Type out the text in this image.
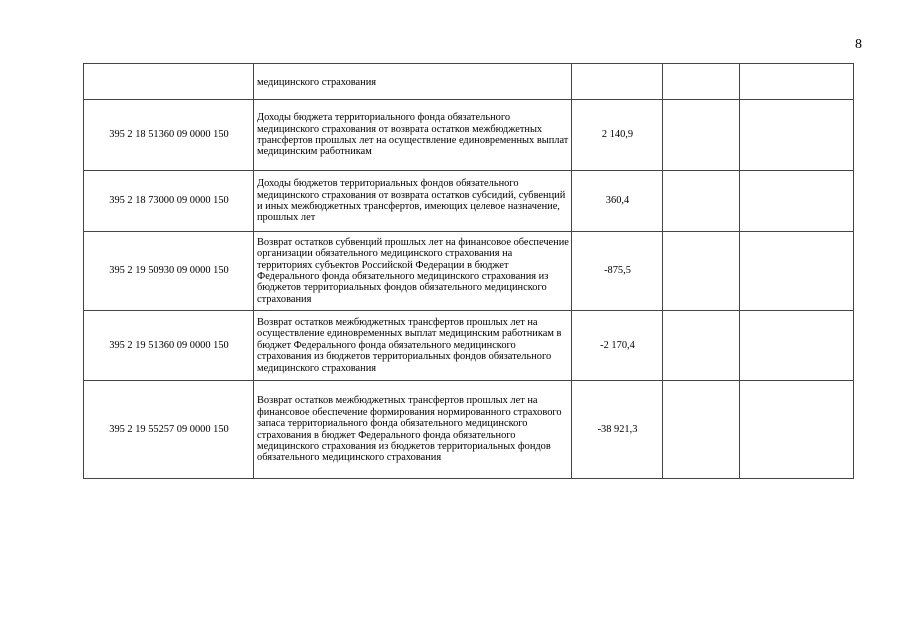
8
	медицинского страхования			
395 2 18 51360 09 0000 150	Доходы бюджета территориального фонда обязательного медицинского страхования от возврата остатков межбюджетных трансфертов прошлых лет на осуществление единовременных выплат медицинским работникам	2 140,9		
395 2 18 73000 09 0000 150	Доходы бюджетов территориальных фондов обязательного медицинского страхования от возврата остатков субсидий, субвенций и иных межбюджетных трансфертов, имеющих целевое назначение, прошлых лет	360,4		
395 2 19 50930 09 0000 150	Возврат остатков субвенций прошлых лет на финансовое обеспечение организации обязательного медицинского страхования на территориях субъектов Российской Федерации в бюджет Федерального фонда обязательного медицинского страхования из бюджетов территориальных фондов обязательного медицинского страхования	-875,5		
395 2 19 51360 09 0000 150	Возврат остатков межбюджетных трансфертов прошлых лет на осуществление единовременных выплат медицинским работникам в бюджет Федерального фонда обязательного медицинского страхования из бюджетов территориальных фондов обязательного медицинского страхования	-2 170,4		
395 2 19 55257 09 0000 150	Возврат остатков межбюджетных трансфертов прошлых лет на финансовое обеспечение формирования нормированного страхового запаса территориального фонда обязательного медицинского страхования в бюджет Федерального фонда обязательного медицинского страхования из бюджетов территориальных фондов обязательного медицинского страхования	-38 921,3		
